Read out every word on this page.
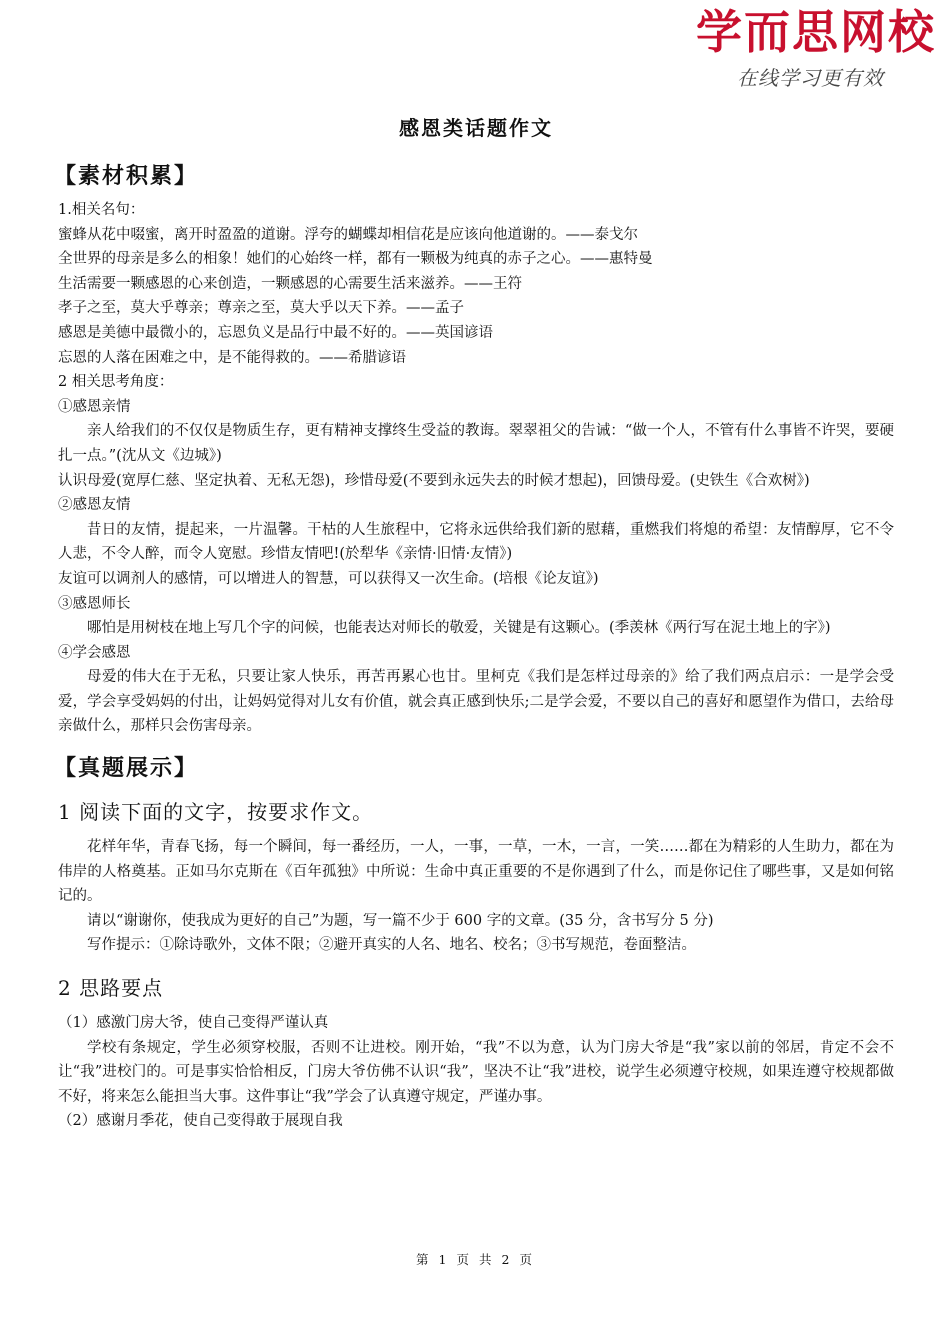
学而思网校
在线学习更有效
感恩类话题作文
【素材积累】

1.相关名句：

蜜蜂从花中啜蜜，离开时盈盈的道谢。浮夸的蝴蝶却相信花是应该向他道谢的。——泰戈尔

全世界的母亲是多么的相象！她们的心始终一样，都有一颗极为纯真的赤子之心。——惠特曼

生活需要一颗感恩的心来创造，一颗感恩的心需要生活来滋养。——王符

孝子之至，莫大乎尊亲；尊亲之至，莫大乎以天下养。——孟子

感恩是美德中最微小的，忘恩负义是品行中最不好的。——英国谚语

忘恩的人落在困难之中，是不能得救的。——希腊谚语

2 相关思考角度：

①感恩亲情

亲人给我们的不仅仅是物质生存，更有精神支撑终生受益的教诲。翠翠祖父的告诫：“做一个人，不管有什么事皆不许哭，要硬扎一点。”(沈从文《边城》)

认识母爱(宽厚仁慈、坚定执着、无私无怨)，珍惜母爱(不要到永远失去的时候才想起)，回馈母爱。(史铁生《合欢树》)

②感恩友情

昔日的友情，提起来，一片温馨。干枯的人生旅程中，它将永远供给我们新的慰藉，重燃我们将熄的希望：友情醇厚，它不令人悲，不令人醉，而令人宽慰。珍惜友情吧!(於犁华《亲情·旧情·友情》)

友谊可以调剂人的感情，可以增进人的智慧，可以获得又一次生命。(培根《论友谊》)

③感恩师长

哪怕是用树枝在地上写几个字的问候，也能表达对师长的敬爱，关键是有这颗心。(季羡林《两行写在泥土地上的字》)

④学会感恩

母爱的伟大在于无私，只要让家人快乐，再苦再累心也甘。里柯克《我们是怎样过母亲的》给了我们两点启示：一是学会受爱，学会享受妈妈的付出，让妈妈觉得对儿女有价值，就会真正感到快乐;二是学会爱，不要以自己的喜好和愿望作为借口，去给母亲做什么，那样只会伤害母亲。

【真题展示】
1 阅读下面的文字，按要求作文。

花样年华，青春飞扬，每一个瞬间，每一番经历，一人，一事，一草，一木，一言，一笑……都在为精彩的人生助力，都在为伟岸的人格奠基。正如马尔克斯在《百年孤独》中所说：生命中真正重要的不是你遇到了什么，而是你记住了哪些事，又是如何铭记的。

请以“谢谢你，使我成为更好的自己”为题，写一篇不少于 600 字的文章。(35 分，含书写分 5 分)

写作提示：①除诗歌外，文体不限；②避开真实的人名、地名、校名；③书写规范，卷面整洁。

2 思路要点

（1）感激门房大爷，使自己变得严谨认真

学校有条规定，学生必须穿校服，否则不让进校。刚开始，“我”不以为意，认为门房大爷是“我”家以前的邻居，肯定不会不让“我”进校门的。可是事实恰恰相反，门房大爷仿佛不认识“我”，坚决不让“我”进校，说学生必须遵守校规，如果连遵守校规都做不好，将来怎么能担当大事。这件事让“我”学会了认真遵守规定，严谨办事。

（2）感谢月季花，使自己变得敢于展现自我

第 1 页 共 2 页
